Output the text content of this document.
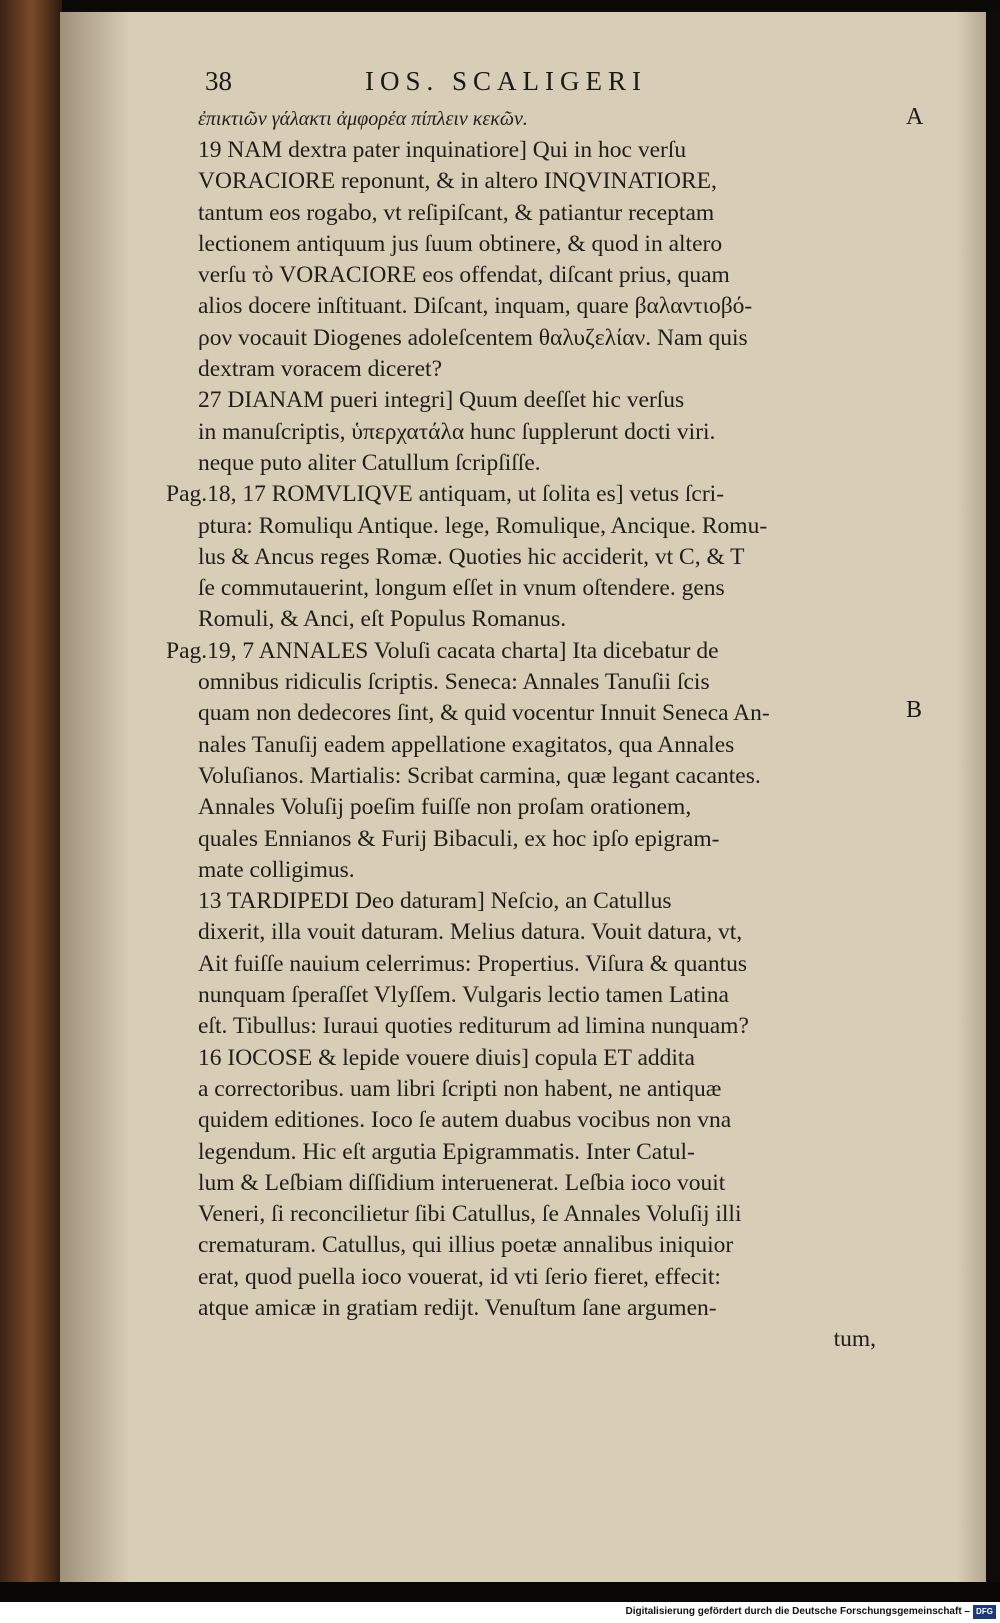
38	IOS. SCALIGERI
A
B
ἐπικτιῶν γάλακτι ἀμφορέα πίπλειν κεκῶν.
19 NAM dextra pater inquinatiore] Qui in hoc verſu
VORACIORE reponunt, & in altero INQVINATIORE,
tantum eos rogabo, vt reſipiſcant, & patiantur receptam
lectionem antiquum jus ſuum obtinere, & quod in altero
verſu τὸ VORACIORE eos offendat, diſcant prius, quam
alios docere inſtituant. Diſcant, inquam, quare βαλαντιοβό-
ρον vocauit Diogenes adoleſcentem θαλυζελίαν. Nam quis
dextram voracem diceret?
27 DIANAM pueri integri] Quum deeſſet hic verſus
in manuſcriptis, ὑπερχατάλα hunc ſupplerunt docti viri.
neque puto aliter Catullum ſcripſiſſe.
Pag.18, 17 ROMVLIQVE antiquam, ut ſolita es] vetus ſcri-
ptura: Romuliqu Antique. lege, Romulique, Ancique. Romu-
lus & Ancus reges Romæ. Quoties hic acciderit, vt C, & T
ſe commutauerint, longum eſſet in vnum oſtendere. gens
Romuli, & Anci, eſt Populus Romanus.
Pag.19, 7 ANNALES Voluſi cacata charta] Ita dicebatur de
omnibus ridiculis ſcriptis. Seneca: Annales Tanuſii ſcis
quam non dedecores ſint, & quid vocentur Innuit Seneca An-
nales Tanuſij eadem appellatione exagitatos, qua Annales
Voluſianos. Martialis: Scribat carmina, quæ legant cacantes.
Annales Voluſij poeſim fuiſſe non proſam orationem,
quales Ennianos & Furij Bibaculi, ex hoc ipſo epigram-
mate colligimus.
13 TARDIPEDI Deo daturam] Neſcio, an Catullus
dixerit, illa vouit daturam. Melius datura. Vouit datura, vt,
Ait fuiſſe nauium celerrimus: Propertius. Viſura & quantus
nunquam ſperaſſet Vlyſſem. Vulgaris lectio tamen Latina
eſt. Tibullus: Iuraui quoties rediturum ad limina nunquam?
16 IOCOSE & lepide vouere diuis] copula ET addita
a correctoribus. uam libri ſcripti non habent, ne antiquæ
quidem editiones. Ioco ſe autem duabus vocibus non vna
legendum. Hic eſt argutia Epigrammatis. Inter Catul-
lum & Leſbiam diſſidium interuenerat. Leſbia ioco vouit
Veneri, ſi reconcilietur ſibi Catullus, ſe Annales Voluſij illi
crematuram. Catullus, qui illius poetæ annalibus iniquior
erat, quod puella ioco vouerat, id vti ſerio fieret, effecit:
atque amicæ in gratiam redijt. Venuſtum ſane argumen-
tum,
Digitalisierung gefördert durch die Deutsche Forschungsgemeinschaft – DFG
